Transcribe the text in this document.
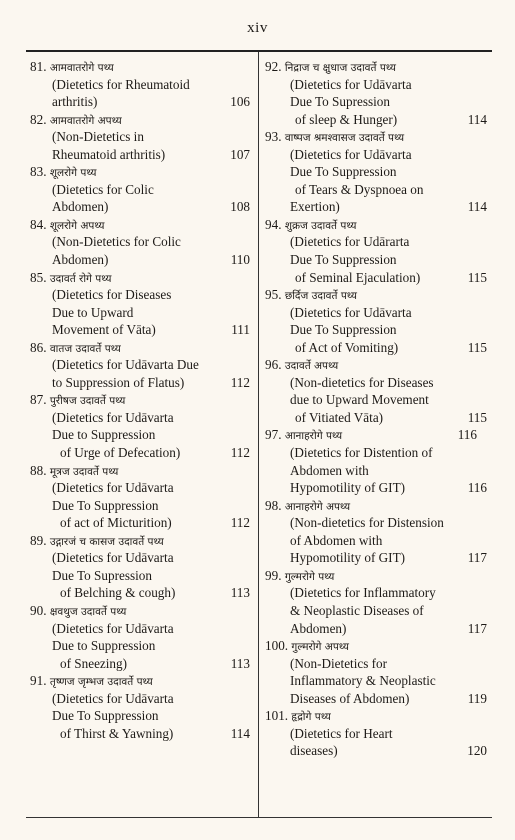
xiv
81. आमवातरोगे पथ्य
(Dietetics for Rheumatoid
arthritis)	106
82. आमवातरोगे अपथ्य
(Non-Dietetics in
Rheumatoid arthritis)	107
83. शूलरोगे पथ्य
(Dietetics for Colic
Abdomen)	108
84. शूलरोगे अपथ्य
(Non-Dietetics for Colic
Abdomen)	110
85. उदावर्त रोगे पथ्य
(Dietetics for Diseases
Due to Upward
Movement of Vāta)	111
86. वातज उदावर्ते पथ्य
(Dietetics for Udāvarta Due
to Suppression of Flatus)	112
87. पुरीषज उदावर्ते पथ्य
(Dietetics for Udāvarta
Due to Suppression
of Urge of Defecation)	112
88. मूत्रज उदावर्ते पथ्य
(Dietetics for Udāvarta
Due To Suppression
of act of Micturition)	112
89. उद्गारजं च कासज उदावर्ते पथ्य
(Dietetics for Udāvarta
Due To Supression
of Belching & cough)	113
90. क्षवथुज उदावर्ते पथ्य
(Dietetics for Udāvarta
Due to Suppression
of Sneezing)	113
91. तृष्णज जृम्भज उदावर्ते पथ्य
(Dietetics for Udāvarta
Due To Suppression
of Thirst & Yawning)	114
92. निद्राज च क्षुधाज उदावर्ते पथ्य
(Dietetics for Udāvarta
Due To Supression
of sleep & Hunger)	114
93. वाष्पज श्रमश्वासज उदावर्ते पथ्य
(Dietetics for Udāvarta
Due To Suppression
of Tears & Dyspnoea on
Exertion)	114
94. शुक्रज उदावर्ते पथ्य
(Dietetics for Udārarta
Due To Suppression
of Seminal Ejaculation)	115
95. छर्दिज उदावर्ते पथ्य
(Dietetics for Udāvarta
Due To Suppression
of Act of Vomiting)	115
96. उदावर्ते अपथ्य
(Non-dietetics for Diseases
due to Upward Movement
of Vitiated Vāta)	115
97. आनाहरोगे पथ्य	116
(Dietetics for Distention of
Abdomen with
Hypomotility of GIT)	116
98. आनाहरोगे अपथ्य
(Non-dietetics for Distension
of Abdomen with
Hypomotility of GIT)	117
99. गुल्मरोगे पथ्य
(Dietetics for Inflammatory
& Neoplastic Diseases of
Abdomen)	117
100. गुल्मरोगे अपथ्य
(Non-Dietetics for
Inflammatory & Neoplastic
Diseases of Abdomen)	119
101. हृद्रोगे पथ्य
(Dietetics for Heart
diseases)	120
